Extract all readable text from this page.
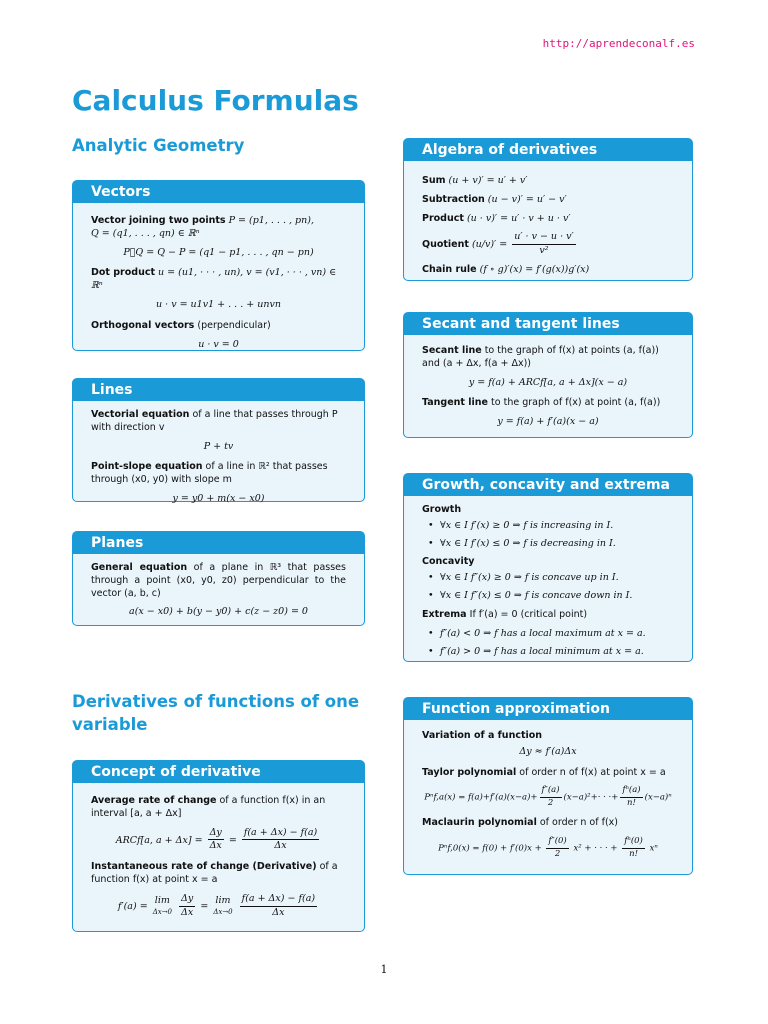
http://aprendeconalf.es
Calculus Formulas
Analytic Geometry
Vectors
Vector joining two points P = (p1, . . . , pn),
Q = (q1, . . . , qn) ∈ ℝⁿ
P⃗Q = Q − P = (q1 − p1, . . . , qn − pn)
Dot product u = (u1, · · · , un), v = (v1, · · · , vn) ∈ ℝⁿ
u · v = u1v1 + . . . + unvn
Orthogonal vectors (perpendicular)
u · v = 0
Lines
Vectorial equation of a line that passes through P with direction v
P + tv
Point-slope equation of a line in ℝ² that passes through (x0, y0) with slope m
y = y0 + m(x − x0)
Planes
General equation of a plane in ℝ³ that passes through a point (x0, y0, z0) perpendicular to the vector (a, b, c)
a(x − x0) + b(y − y0) + c(z − z0) = 0
Derivatives of functions of one variable
Concept of derivative
Average rate of change of a function f(x) in an interval [a, a + Δx]
ARCf[a, $a + \Delta x] = \frac{\Delta y}{\Delta x} = \frac{f(a + \Delta x) - f(a)}{\Delta x}$
Instantaneous rate of change (Derivative) of a function f(x) at point x = a
f′(a) =
lim
Δx→0
$\frac{\Delta y}{\Delta x}$ =
lim
Δx→0
$\frac{f(a + \Delta x) - f(a)}{\Delta x}$
Algebra of derivatives
Sum (u + v)′ = u′ + v′
Subtraction (u − v)′ = u′ − v′
Product (u · v)′ = u′ · v + u · v′
Quotient $(u/v)' = \frac{u' \cdot v - u \cdot v'}{\text{v²}}$
Chain rule (f ∘ g)′(x) = f′(g(x))g′(x)
Secant and tangent lines
Secant line to the graph of f(x) at points (a, f(a)) and (a + Δx, f(a + Δx))
y = f(a) + ARCf[a, a + Δx](x − a)
Tangent line to the graph of f(x) at point (a, f(a))
y = f(a) + f′(a)(x − a)
Growth, concavity and extrema
Growth
• ∀x ∈ I f′(x) ≥ 0 ⇒ f is increasing in I.
• ∀x ∈ I f′(x) ≤ 0 ⇒ f is decreasing in I.
Concavity
• ∀x ∈ I f″(x) ≥ 0 ⇒ f is concave up in I.
• ∀x ∈ I f″(x) ≤ 0 ⇒ f is concave down in I.
Extrema If f′(a) = 0 (critical point)
• f″(a) < 0 ⇒ f has a local maximum at x = a.
• f″(a) > 0 ⇒ f has a local minimum at x = a.
Function approximation
Variation of a function
Δy ≈ f′(a)Δx
Taylor polynomial of order n of f(x) at point x = a
$P^nf,a(x) = f(a)+f'(a)(x-a)+ \frac{f''(a)}{2} (x-a)^2+\cdot$ · ·+ $\frac{\text{fⁿ(a)}}{n!} (x-a)^n$
Maclaurin polynomial of order n of f(x)
$P^nf,0(x) = f(0) + f'(0)x + \frac{f''(0)}{2} x^2$ + · · · + $\frac{\text{fⁿ(0)}}{n!}$ xⁿ
1
